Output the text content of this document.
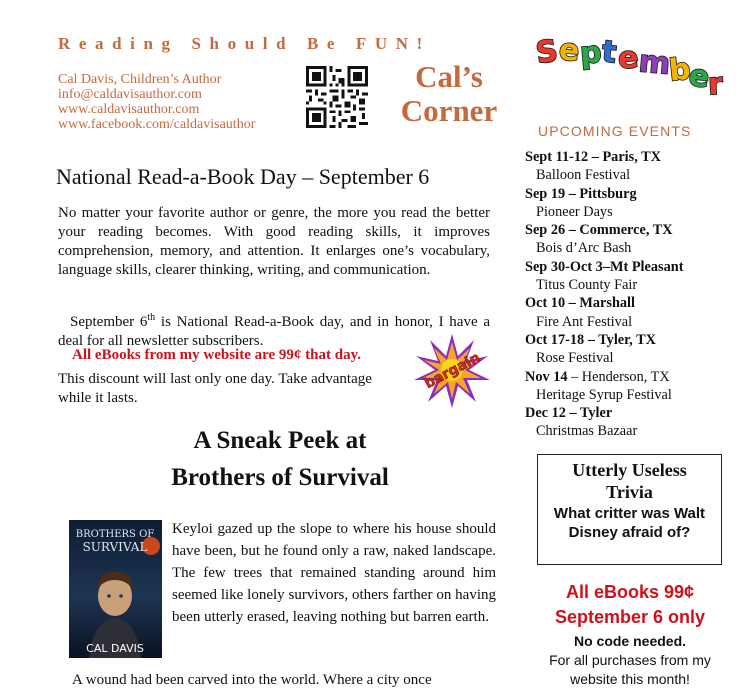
Reading Should Be FUN!
Cal Davis, Children’s Author
info@caldavisauthor.com
www.caldavisauthor.com
www.facebook.com/caldavisauthor
Cal’s
Corner
S
e
p
t
e
m
b
e
r
National Read-a-Book Day – September 6
No matter your favorite author or genre, the more you read the better your reading becomes. With good reading skills, it improves comprehension, memory, and attention. It enlarges one’s vocabulary, language skills, clearer thinking, writing, and communication.
September 6th is National Read-a-Book day, and in honor, I have a deal for all newsletter subscribers.
All eBooks from my website are 99¢ that day.
This discount will last only one day. Take advantage while it lasts.
bargain
A Sneak Peek at
Brothers of Survival
BROTHERS OF
SURVIVAL
CAL DAVIS
Keyloi gazed up the slope to where his house should have been, but he found only a raw, naked landscape. The few trees that remained standing around him seemed like lonely survivors, others farther on having been utterly erased, leaving nothing but barren earth.
A wound had been carved into the world. Where a city once
UPCOMING EVENTS
Sept 11-12 – Paris, TX
Balloon Festival
Sep 19 – Pittsburg
Pioneer Days
Sep 26 – Commerce, TX
Bois d’Arc Bash
Sep 30-Oct 3–Mt Pleasant
Titus County Fair
Oct 10 – Marshall
Fire Ant Festival
Oct 17-18 – Tyler, TX
Rose Festival
Nov 14 – Henderson, TX
Heritage Syrup Festival
Dec 12 – Tyler
Christmas Bazaar
Utterly Useless
Trivia
What critter was Walt Disney afraid of?
All eBooks 99¢
September 6 only
No code needed.
For all purchases from my website this month!
